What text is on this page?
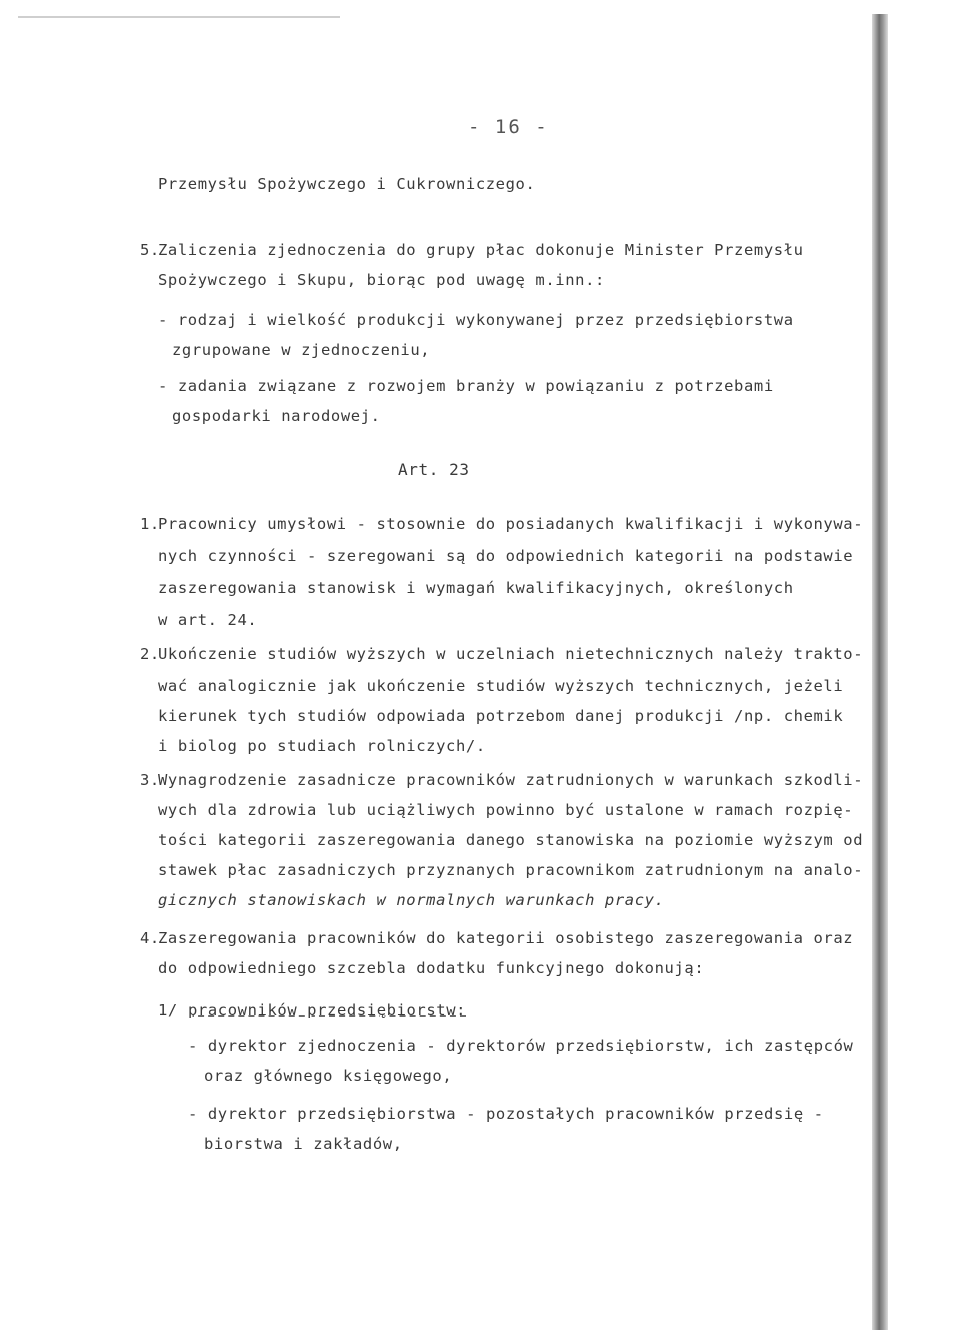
- 16 -
Przemysłu Spożywczego i Cukrowniczego.
5.
Zaliczenia zjednoczenia do grupy płac dokonuje Minister Przemysłu
Spożywczego i Skupu, biorąc pod uwagę m.inn.:
- rodzaj i wielkość produkcji wykonywanej przez przedsiębiorstwa
zgrupowane w zjednoczeniu,
- zadania związane z rozwojem branży w powiązaniu z potrzebami
gospodarki narodowej.
Art. 23
1.
Pracownicy umysłowi - stosownie do posiadanych kwalifikacji i wykonywa-
nych czynności - szeregowani są do odpowiednich kategorii na podstawie
zaszeregowania stanowisk i wymagań kwalifikacyjnych, określonych
w art. 24.
2.
Ukończenie studiów wyższych w uczelniach nietechnicznych należy trakto-
wać analogicznie jak ukończenie studiów wyższych technicznych, jeżeli
kierunek tych studiów odpowiada potrzebom danej produkcji /np. chemik
i biolog po studiach rolniczych/.
3.
Wynagrodzenie zasadnicze pracowników zatrudnionych w warunkach szkodli-
wych dla zdrowia lub uciążliwych powinno być ustalone w ramach rozpię-
tości kategorii zaszeregowania danego stanowiska na poziomie wyższym od
stawek płac zasadniczych przyznanych pracownikom zatrudnionym na analo-
gicznych stanowiskach w normalnych warunkach pracy.
4.
Zaszeregowania pracowników do kategorii osobistego zaszeregowania oraz
do odpowiedniego szczebla dodatku funkcyjnego dokonują:
1/ pracowników przedsiębiorstw:
- dyrektor zjednoczenia - dyrektorów przedsiębiorstw, ich zastępców
oraz głównego księgowego,
- dyrektor przedsiębiorstwa - pozostałych pracowników przedsię -
biorstwa i zakładów,
